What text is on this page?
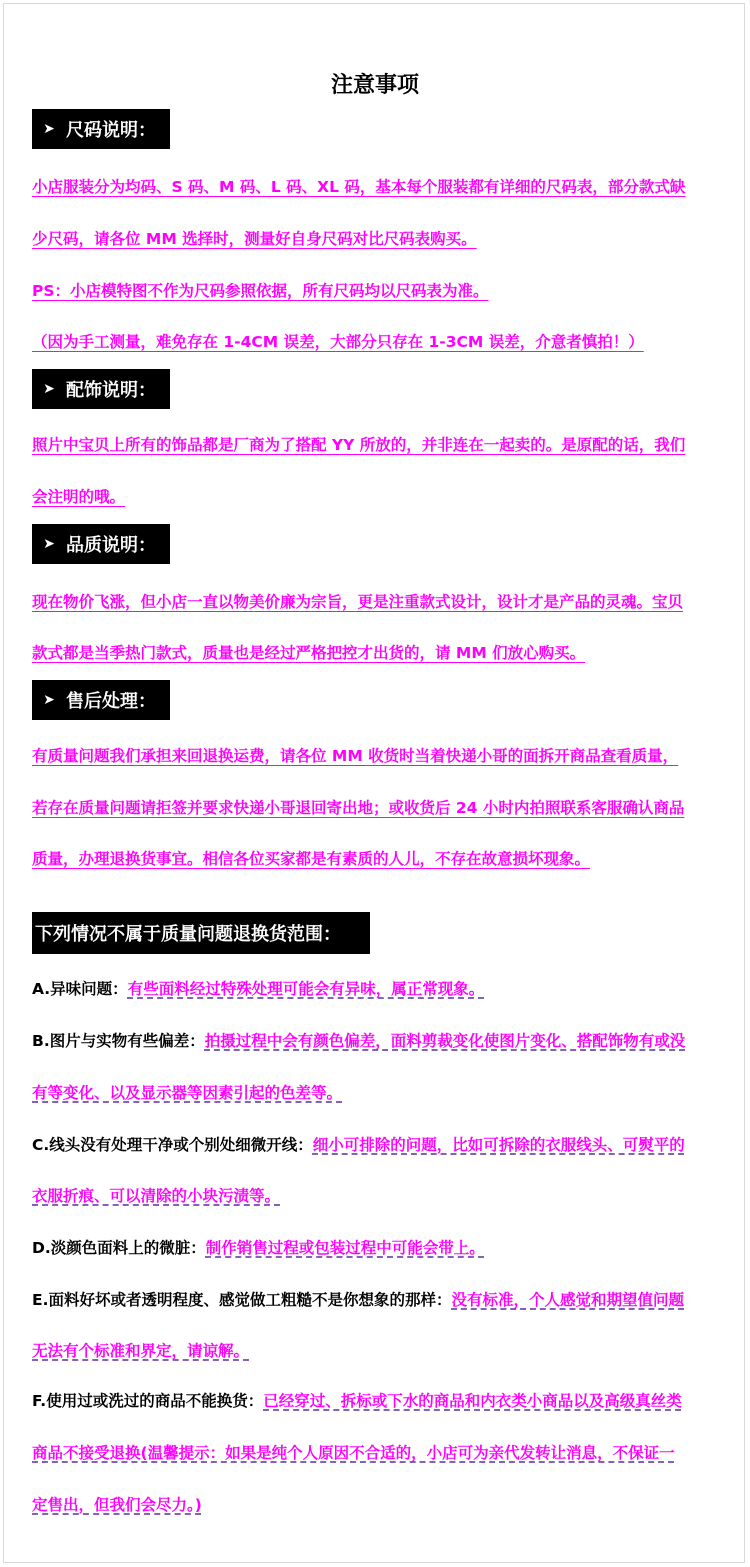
注意事项
➤ 尺码说明：
小店服装分为均码、S 码、M 码、L 码、XL 码，基本每个服装都有详细的尺码表，部分款式缺
少尺码，请各位 MM 选择时，测量好自身尺码对比尺码表购买。
PS：小店模特图不作为尺码参照依据，所有尺码均以尺码表为准。
（因为手工测量，难免存在 1-4CM 误差，大部分只存在 1-3CM 误差，介意者慎拍！）
➤ 配饰说明：
照片中宝贝上所有的饰品都是厂商为了搭配 YY 所放的，并非连在一起卖的。是原配的话，我们
会注明的哦。
➤ 品质说明：
现在物价飞涨，但小店一直以物美价廉为宗旨，更是注重款式设计，设计才是产品的灵魂。宝贝
款式都是当季热门款式，质量也是经过严格把控才出货的，请 MM 们放心购买。
➤ 售后处理：
有质量问题我们承担来回退换运费，请各位 MM 收货时当着快递小哥的面拆开商品查看质量，
若存在质量问题请拒签并要求快递小哥退回寄出地；或收货后 24 小时内拍照联系客服确认商品
质量，办理退换货事宜。相信各位买家都是有素质的人儿，不存在故意损坏现象。
下列情况不属于质量问题退换货范围：
A.异味问题：有些面料经过特殊处理可能会有异味，属正常现象。
B.图片与实物有些偏差：拍摄过程中会有颜色偏差，面料剪裁变化使图片变化、搭配饰物有或没
有等变化、以及显示器等因素引起的色差等。
C.线头没有处理干净或个别处细微开线：细小可排除的问题，比如可拆除的衣服线头、可熨平的
衣服折痕、可以清除的小块污渍等。
D.淡颜色面料上的微脏：制作销售过程或包装过程中可能会带上。
E.面料好坏或者透明程度、感觉做工粗糙不是你想象的那样：没有标准，个人感觉和期望值问题
无法有个标准和界定，请谅解。
F.使用过或洗过的商品不能换货：已经穿过、拆标或下水的商品和内衣类小商品以及高级真丝类
商品不接受退换(温馨提示：如果是纯个人原因不合适的，小店可为亲代发转让消息，不保证一
定售出，但我们会尽力。)
